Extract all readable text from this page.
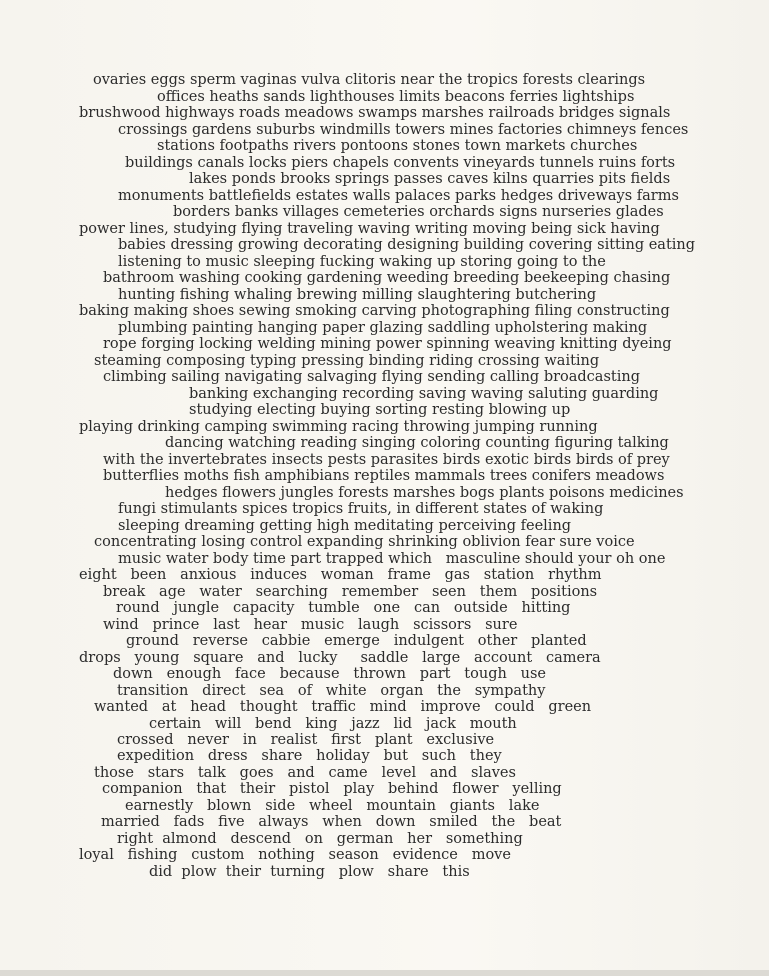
ovaries eggs sperm vaginas vulva clitoris near the tropics forests clearings
offices heaths sands lighthouses limits beacons ferries lightships
brushwood highways roads meadows swamps marshes railroads bridges signals
crossings gardens suburbs windmills towers mines factories chimneys fences
stations footpaths rivers pontoons stones town markets churches
buildings canals locks piers chapels convents vineyards tunnels ruins forts
lakes ponds brooks springs passes caves kilns quarries pits fields
monuments battlefields estates walls palaces parks hedges driveways farms
borders banks villages cemeteries orchards signs nurseries glades
power lines, studying flying traveling waving writing moving being sick having
babies dressing growing decorating designing building covering sitting eating
listening to music sleeping fucking waking up storing going to the
bathroom washing cooking gardening weeding breeding beekeeping chasing
hunting fishing whaling brewing milling slaughtering butchering
baking making shoes sewing smoking carving photographing filing constructing
plumbing painting hanging paper glazing saddling upholstering making
rope forging locking welding mining power spinning weaving knitting dyeing
steaming composing typing pressing binding riding crossing waiting
climbing sailing navigating salvaging flying sending calling broadcasting
banking exchanging recording saving waving saluting guarding
studying electing buying sorting resting blowing up
playing drinking camping swimming racing throwing jumping running
dancing watching reading singing coloring counting figuring talking
with the invertebrates insects pests parasites birds exotic birds birds of prey
butterflies moths fish amphibians reptiles mammals trees conifers meadows
hedges flowers jungles forests marshes bogs plants poisons medicines
fungi stimulants spices tropics fruits, in different states of waking
sleeping dreaming getting high meditating perceiving feeling
concentrating losing control expanding shrinking oblivion fear sure voice
music water body time part trapped which   masculine should your oh one
eight   been   anxious   induces   woman   frame   gas   station   rhythm
break   age   water   searching   remember   seen   them   positions
round   jungle   capacity   tumble   one   can   outside   hitting
wind   prince   last   hear   music   laugh   scissors   sure
ground   reverse   cabbie   emerge   indulgent   other   planted
drops   young   square   and   lucky     saddle   large   account   camera
down   enough   face   because   thrown   part   tough   use
transition   direct   sea   of   white   organ   the   sympathy
wanted   at   head   thought   traffic   mind   improve   could   green
certain   will   bend   king   jazz   lid   jack   mouth
crossed   never   in   realist   first   plant   exclusive
expedition   dress   share   holiday   but   such   they
those   stars   talk   goes   and   came   level   and   slaves
companion   that   their   pistol   play   behind   flower   yelling
earnestly   blown   side   wheel   mountain   giants   lake
married   fads   five   always   when   down   smiled   the   beat
right  almond   descend   on   german   her   something
loyal   fishing   custom   nothing   season   evidence   move
did  plow  their  turning   plow   share   this
